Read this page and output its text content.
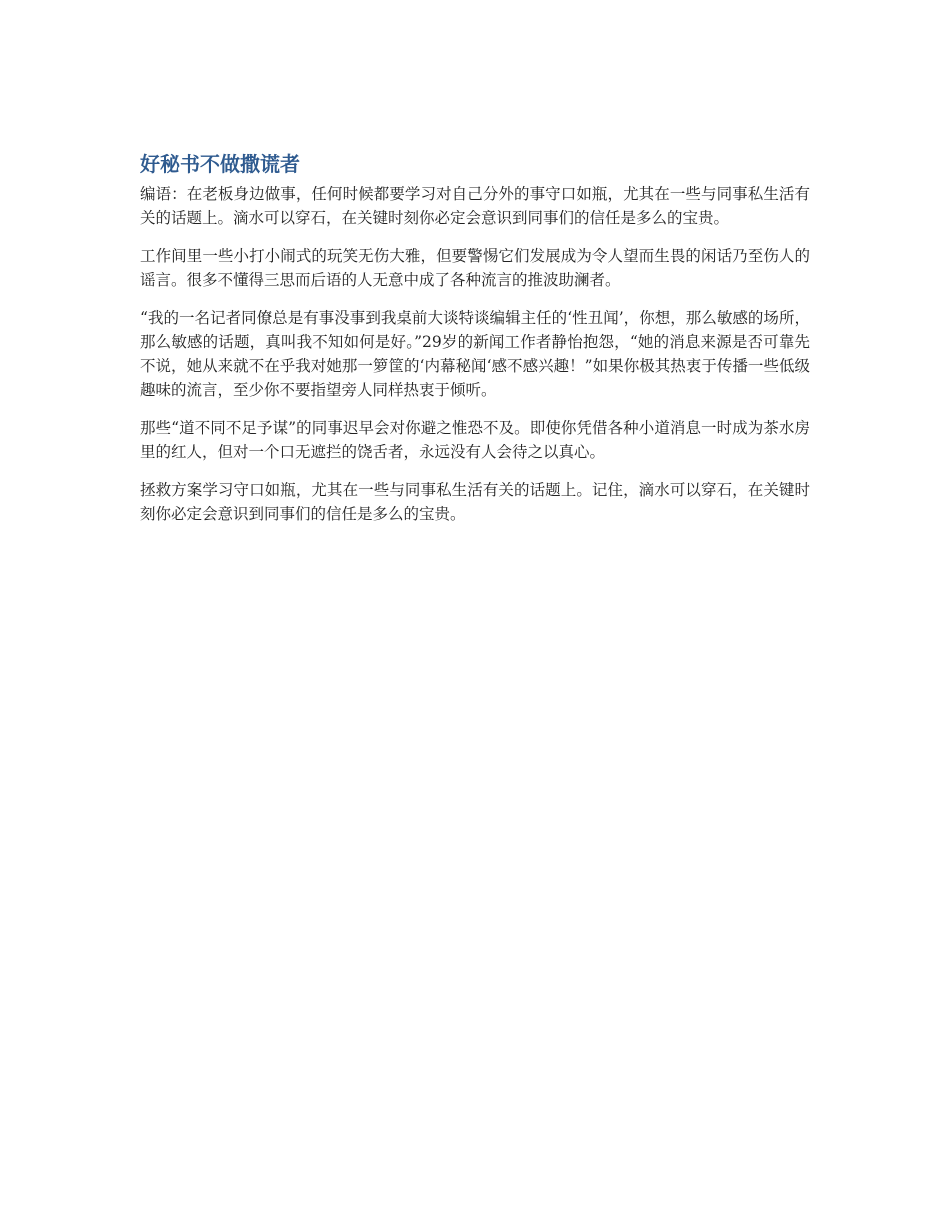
好秘书不做撒谎者

编语：在老板身边做事，任何时候都要学习对自己分外的事守口如瓶，尤其在一些与同事私生活有关的话题上。滴水可以穿石，在关键时刻你必定会意识到同事们的信任是多么的宝贵。

工作间里一些小打小闹式的玩笑无伤大雅，但要警惕它们发展成为令人望而生畏的闲话乃至伤人的谣言。很多不懂得三思而后语的人无意中成了各种流言的推波助澜者。

“我的一名记者同僚总是有事没事到我桌前大谈特谈编辑主任的‘性丑闻’，你想，那么敏感的场所，那么敏感的话题，真叫我不知如何是好。”29岁的新闻工作者静怡抱怨，“她的消息来源是否可靠先不说，她从来就不在乎我对她那一箩筐的‘内幕秘闻‘感不感兴趣！”如果你极其热衷于传播一些低级趣味的流言，至少你不要指望旁人同样热衷于倾听。

那些“道不同不足予谋”的同事迟早会对你避之惟恐不及。即使你凭借各种小道消息一时成为茶水房里的红人，但对一个口无遮拦的饶舌者，永远没有人会待之以真心。

拯救方案学习守口如瓶，尤其在一些与同事私生活有关的话题上。记住，滴水可以穿石，在关键时刻你必定会意识到同事们的信任是多么的宝贵。
